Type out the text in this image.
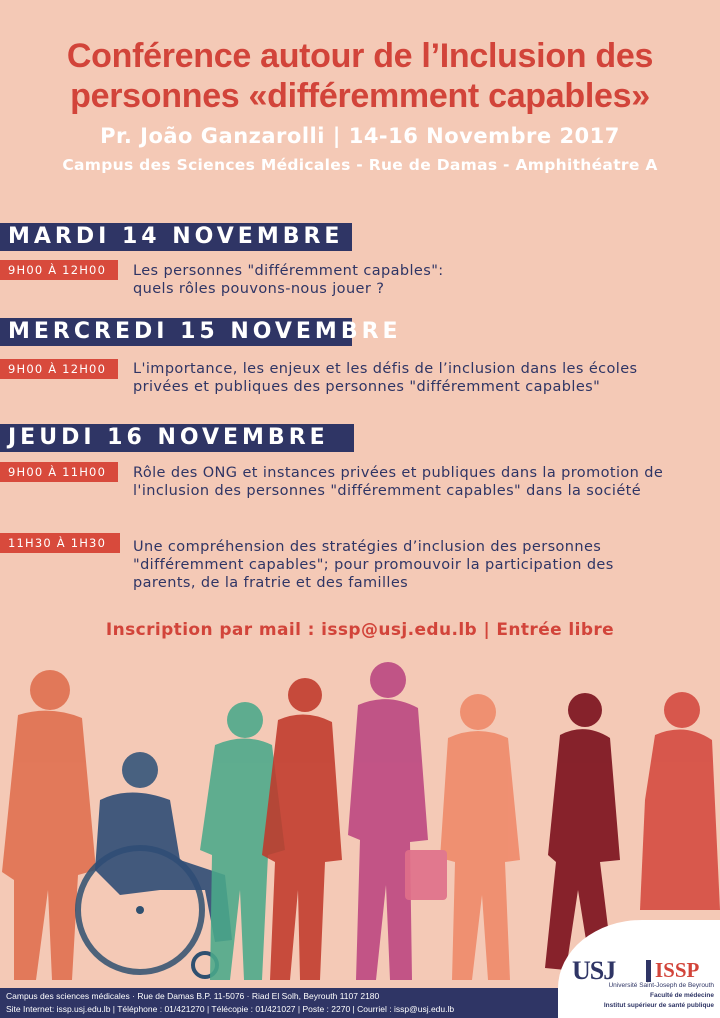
Conférence autour de l’Inclusion des
personnes «différemment capables»
Pr. João Ganzarolli | 14-16 Novembre 2017
Campus des Sciences Médicales - Rue de Damas - Amphithéatre A
MARDI 14 NOVEMBRE
9H00 À 12H00	Les personnes "différemment capables":
quels rôles pouvons-nous jouer ?
MERCREDI 15 NOVEMBRE
9H00 À 12H00	L'importance, les enjeux et les défis de l’inclusion dans les écoles
privées et publiques des personnes "différemment capables"
JEUDI 16 NOVEMBRE
9H00 À 11H00	Rôle des ONG et instances privées et publiques dans la promotion de
l'inclusion des personnes "différemment capables" dans la société
11H30 À 1H30	Une compréhension des stratégies d’inclusion des personnes
"différemment capables"; pour promouvoir la participation des
parents, de la fratrie et des familles
Inscription par mail : issp@usj.edu.lb | Entrée libre
Campus des sciences médicales · Rue de Damas B.P. 11-5076 · Riad El Solh, Beyrouth 1107 2180
Site Internet: issp.usj.edu.lb | Téléphone : 01/421270 | Télécopie : 01/421027 | Poste : 2270 | Courriel : issp@usj.edu.lb
USJ ISSP
Université Saint-Joseph de Beyrouth
Faculté de médecine
Institut supérieur de santé publique
